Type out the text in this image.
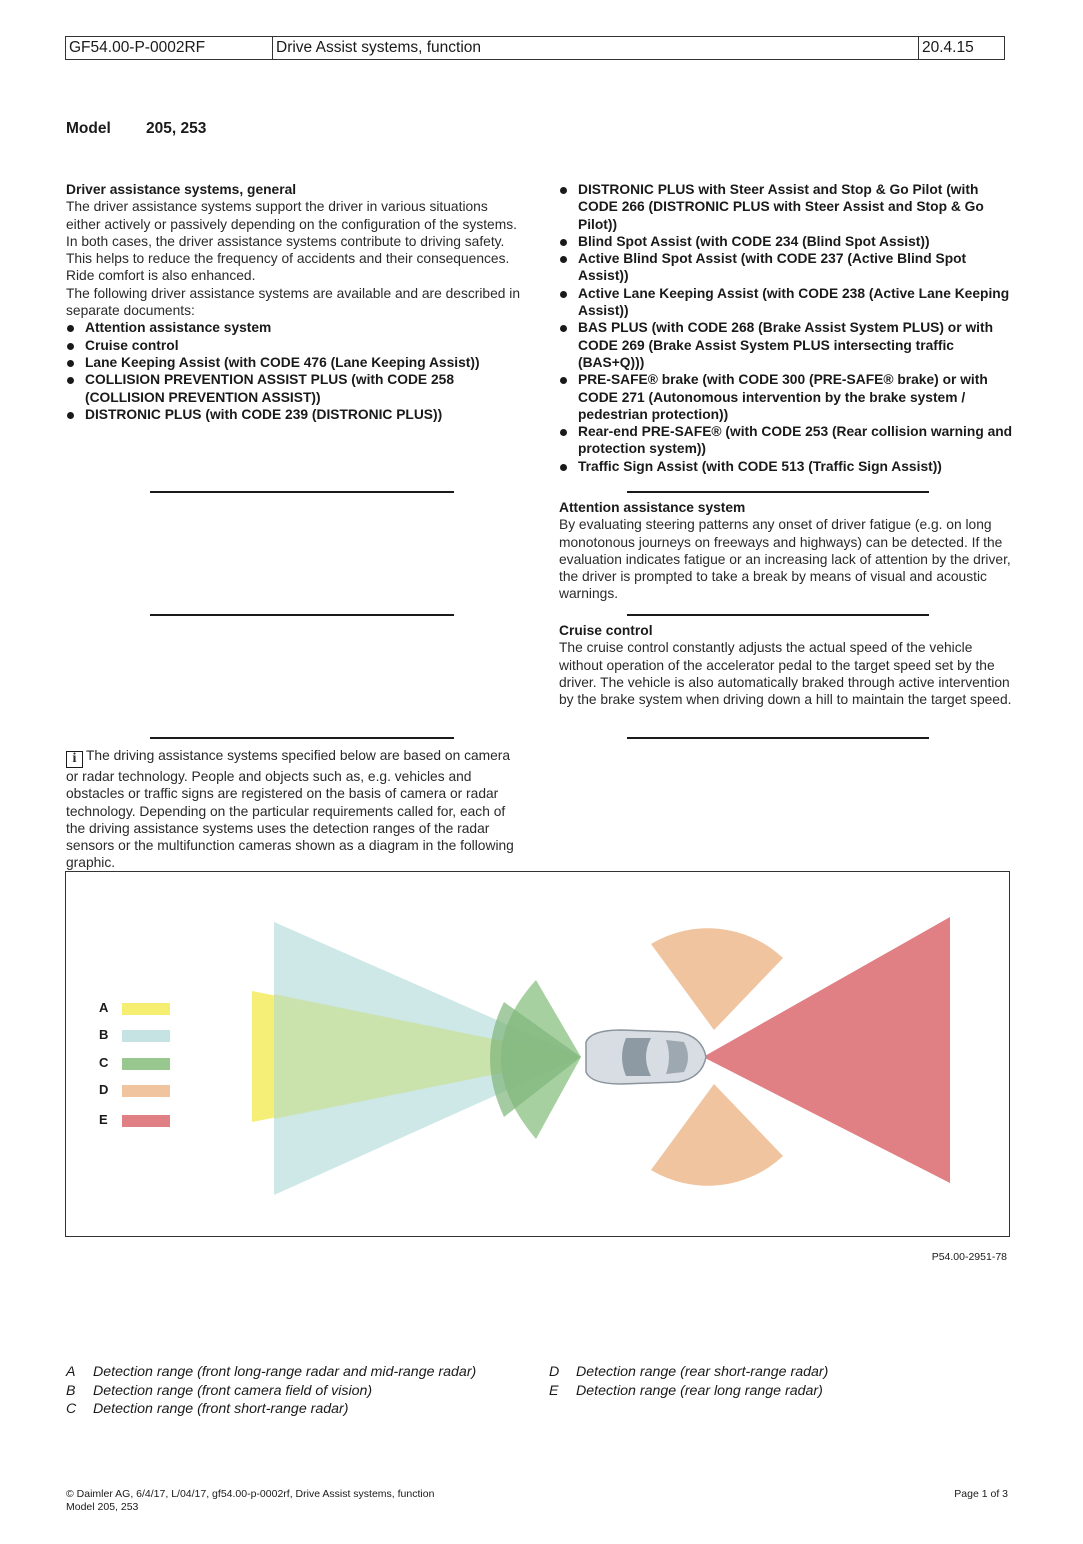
GF54.00-P-0002RF	Drive Assist systems, function	20.4.15
Model 205, 253
Driver assistance systems, general
The driver assistance systems support the driver in various situations either actively or passively depending on the configuration of the systems. In both cases, the driver assistance systems contribute to driving safety. This helps to reduce the frequency of accidents and their consequences. Ride comfort is also enhanced.
The following driver assistance systems are available and are described in separate documents:
Attention assistance system
Cruise control
Lane Keeping Assist (with CODE 476 (Lane Keeping Assist))
COLLISION PREVENTION ASSIST PLUS (with CODE 258 (COLLISION PREVENTION ASSIST))
DISTRONIC PLUS (with CODE 239 (DISTRONIC PLUS))
DISTRONIC PLUS with Steer Assist and Stop & Go Pilot (with CODE 266 (DISTRONIC PLUS with Steer Assist and Stop & Go Pilot))
Blind Spot Assist (with CODE 234 (Blind Spot Assist))
Active Blind Spot Assist (with CODE 237 (Active Blind Spot Assist))
Active Lane Keeping Assist (with CODE 238 (Active Lane Keeping Assist))
BAS PLUS (with CODE 268 (Brake Assist System PLUS) or with CODE 269 (Brake Assist System PLUS intersecting traffic (BAS+Q)))
PRE-SAFE® brake (with CODE 300 (PRE-SAFE® brake) or with CODE 271 (Autonomous intervention by the brake system / pedestrian protection))
Rear-end PRE-SAFE® (with CODE 253 (Rear collision warning and protection system))
Traffic Sign Assist (with CODE 513 (Traffic Sign Assist))
Attention assistance system
By evaluating steering patterns any onset of driver fatigue (e.g. on long monotonous journeys on freeways and highways) can be detected. If the evaluation indicates fatigue or an increasing lack of attention by the driver, the driver is prompted to take a break by means of visual and acoustic warnings.
Cruise control
The cruise control constantly adjusts the actual speed of the vehicle without operation of the accelerator pedal to the target speed set by the driver. The vehicle is also automatically braked through active intervention by the brake system when driving down a hill to maintain the target speed.
i The driving assistance systems specified below are based on camera or radar technology. People and objects such as, e.g. vehicles and obstacles or traffic signs are registered on the basis of camera or radar technology. Depending on the particular requirements called for, each of the driving assistance systems uses the detection ranges of the radar sensors or the multifunction cameras shown as a diagram in the following graphic.
A
B
C
D
E
P54.00-2951-78
A Detection range (front long-range radar and mid-range radar)
B Detection range (front camera field of vision)
C Detection range (front short-range radar)
D Detection range (rear short-range radar)
E Detection range (rear long range radar)
© Daimler AG, 6/4/17, L/04/17, gf54.00-p-0002rf, Drive Assist systems, function
Model 205, 253
Page 1 of 3
